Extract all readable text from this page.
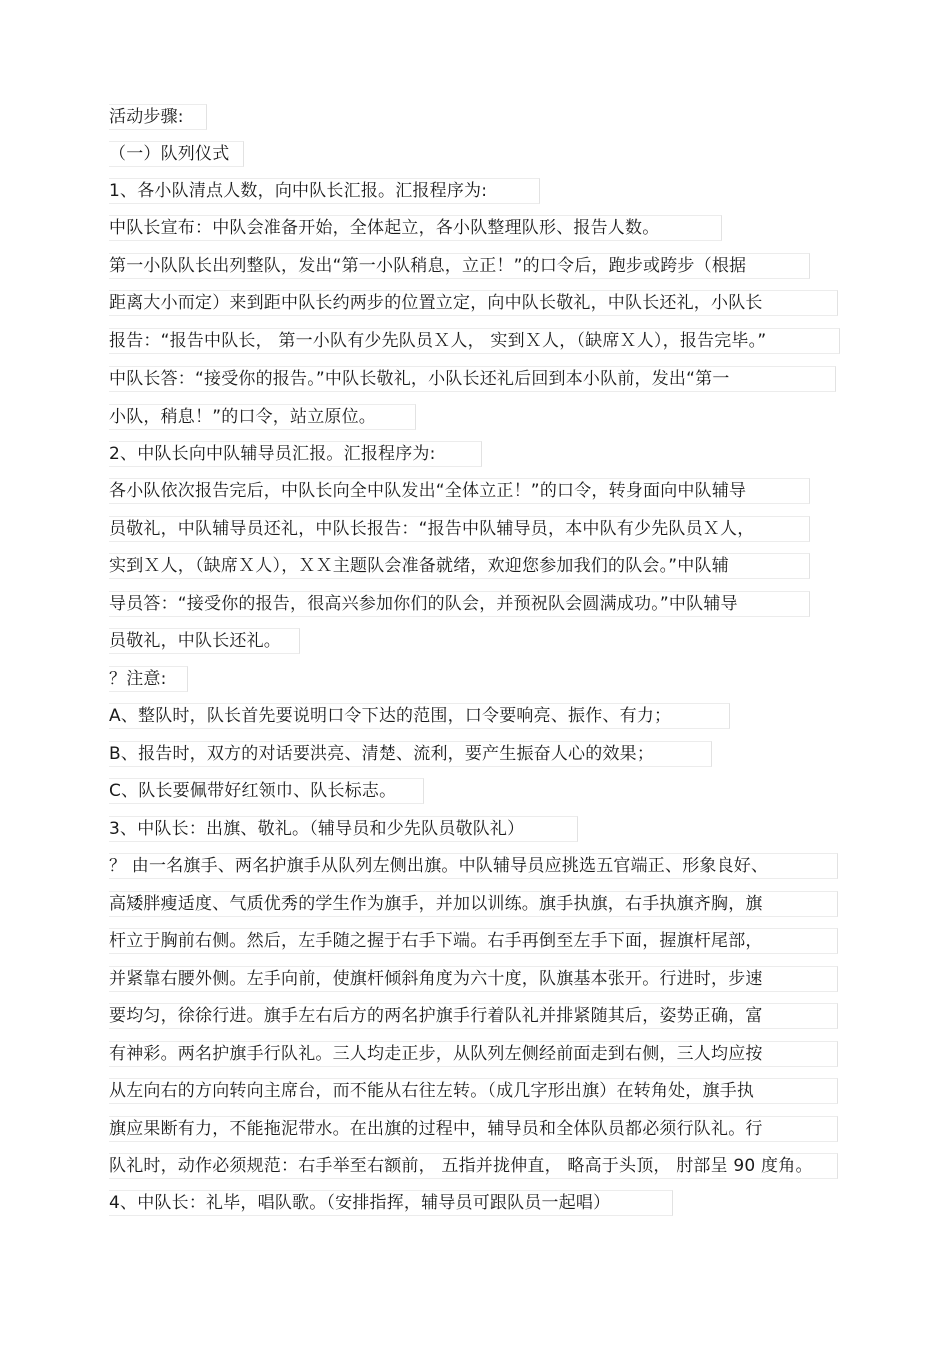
活动步骤:
（一）队列仪式
1、各小队清点人数，向中队长汇报。汇报程序为:
中队长宣布：中队会准备开始，全体起立，各小队整理队形、报告人数。
第一小队队长出列整队，发出“第一小队稍息，立正！”的口令后，跑步或跨步（根据
距离大小而定）来到距中队长约两步的位置立定，向中队长敬礼，中队长还礼，小队长
报告：“报告中队长， 第一小队有少先队员Ｘ人， 实到Ｘ人，（缺席Ｘ人），报告完毕。”
中队长答：“接受你的报告。”中队长敬礼，小队长还礼后回到本小队前，发出“第一
小队，稍息！”的口令，站立原位。
2、中队长向中队辅导员汇报。汇报程序为:
各小队依次报告完后，中队长向全中队发出“全体立正！”的口令，转身面向中队辅导
员敬礼，中队辅导员还礼，中队长报告：“报告中队辅导员，本中队有少先队员Ｘ人，
实到Ｘ人，（缺席Ｘ人），ＸＸ主题队会准备就绪，欢迎您参加我们的队会。”中队辅
导员答：“接受你的报告，很高兴参加你们的队会，并预祝队会圆满成功。”中队辅导
员敬礼，中队长还礼。
？注意:
A、整队时，队长首先要说明口令下达的范围，口令要响亮、振作、有力；
B、报告时，双方的对话要洪亮、清楚、流利，要产生振奋人心的效果；
C、队长要佩带好红领巾、队长标志。
3、中队长：出旗、敬礼。（辅导员和少先队员敬队礼）
？ 由一名旗手、两名护旗手从队列左侧出旗。中队辅导员应挑选五官端正、形象良好、
高矮胖瘦适度、气质优秀的学生作为旗手，并加以训练。旗手执旗，右手执旗齐胸，旗
杆立于胸前右侧。然后，左手随之握于右手下端。右手再倒至左手下面，握旗杆尾部，
并紧靠右腰外侧。左手向前，使旗杆倾斜角度为六十度，队旗基本张开。行进时，步速
要均匀，徐徐行进。旗手左右后方的两名护旗手行着队礼并排紧随其后，姿势正确，富
有神彩。两名护旗手行队礼。三人均走正步，从队列左侧经前面走到右侧，三人均应按
从左向右的方向转向主席台，而不能从右往左转。（成几字形出旗）在转角处，旗手执
旗应果断有力，不能拖泥带水。在出旗的过程中，辅导员和全体队员都必须行队礼。行
队礼时，动作必须规范：右手举至右额前， 五指并拢伸直， 略高于头顶， 肘部呈 90 度角。
4、中队长：礼毕，唱队歌。（安排指挥，辅导员可跟队员一起唱）
